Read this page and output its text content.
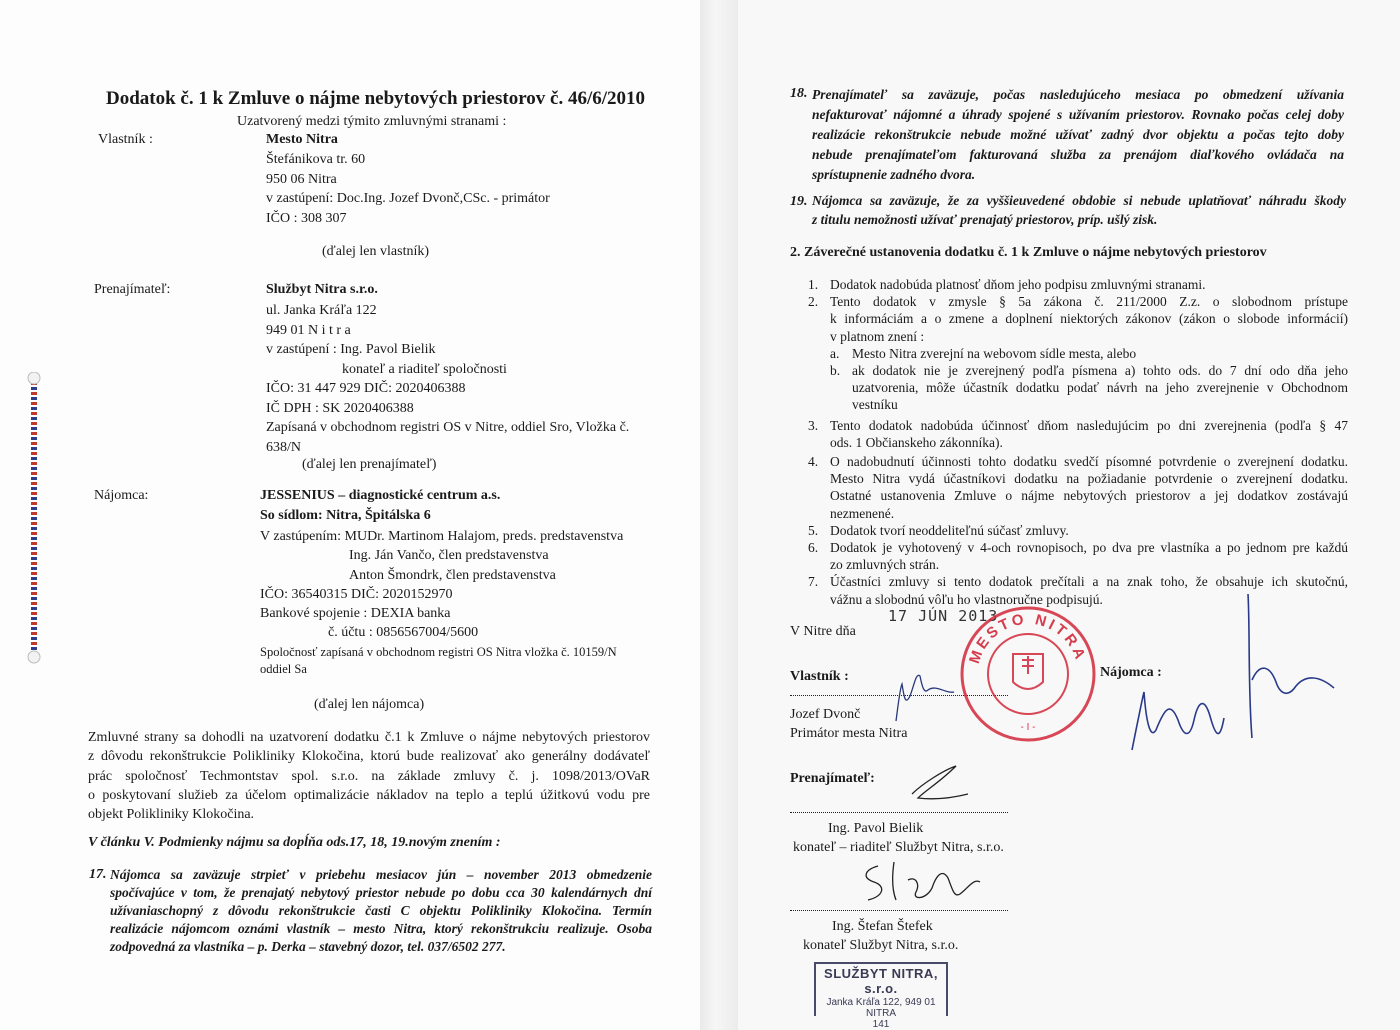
Dodatok č. 1 k Zmluve o nájme nebytových priestorov č. 46/6/2010
Uzatvorený medzi týmito zmluvnými stranami :
Vlastník :	Mesto Nitra
Štefánikova tr. 60
950 06 Nitra
v zastúpení: Doc.Ing. Jozef Dvonč,CSc. - primátor
IČO : 308 307
(ďalej len vlastník)
Prenajímateľ:	Službyt Nitra s.r.o.
ul. Janka Kráľa 122
949 01 N i t r a
v zastúpení : Ing. Pavol Bielik
konateľ a riaditeľ spoločnosti
IČO: 31 447 929 DIČ: 2020406388
IČ DPH : SK 2020406388
Zapísaná v obchodnom registri OS v Nitre, oddiel Sro, Vložka č.
638/N
(ďalej len prenajímateľ)
Nájomca:	JESSENIUS – diagnostické centrum a.s.
So sídlom: Nitra, Špitálska 6
V zastúpením: MUDr. Martinom Halajom, preds. predstavenstva
Ing. Ján Vančo, člen predstavenstva
Anton Šmondrk, člen predstavenstva
IČO: 36540315 DIČ: 2020152970
Bankové spojenie : DEXIA banka
č. účtu : 0856567004/5600
Spoločnosť zapísaná v obchodnom registri OS Nitra vložka č. 10159/N
oddiel Sa
(ďalej len nájomca)
Zmluvné strany sa dohodli na uzatvorení dodatku č.1 k Zmluve o nájme nebytových priestorov
z dôvodu rekonštrukcie Polikliniky Klokočina, ktorú bude realizovať ako generálny dodávateľ
prác spoločnosť Techmontstav spol. s.r.o. na základe zmluvy č. j. 1098/2013/OVaR
o poskytovaní služieb za účelom optimalizácie nákladov na teplo a teplú úžitkovú vodu pre
objekt Polikliniky Klokočina.
V článku V. Podmienky nájmu sa dopĺňa ods.17, 18, 19.novým znením :
17. Nájomca sa zaväzuje strpieť v priebehu mesiacov jún – november 2013 obmedzenie
spočívajúce v tom, že prenajatý nebytový priestor nebude po dobu cca 30 kalendárnych dní
užívaniaschopný z dôvodu rekonštrukcie časti C objektu Polikliniky Klokočina. Termín
realizácie nájomcom oznámi vlastník – mesto Nitra, ktorý rekonštrukciu realizuje. Osoba
zodpovedná za vlastníka – p. Derka – stavebný dozor, tel. 037/6502 277.
18. Prenajímateľ sa zaväzuje, počas nasledujúceho mesiaca po obmedzení užívania
nefakturovať nájomné a úhrady spojené s užívaním priestorov. Rovnako počas celej doby
realizácie rekonštrukcie nebude možné užívať zadný dvor objektu a počas tejto doby
nebude prenajímateľom fakturovaná služba za prenájom diaľkového ovládača na
sprístupnenie zadného dvora.
19. Nájomca sa zaväzuje, že za vyššieuvedené obdobie si nebude uplatňovať náhradu škody
z titulu nemožnosti užívať prenajatý priestorov, príp. ušlý zisk.
2. Záverečné ustanovenia dodatku č. 1 k Zmluve o nájme nebytových priestorov
1. Dodatok nadobúda platnosť dňom jeho podpisu zmluvnými stranami.
2. Tento dodatok v zmysle § 5a zákona č. 211/2000 Z.z. o slobodnom prístupe
k informáciám a o zmene a doplnení niektorých zákonov (zákon o slobode informácií)
v platnom znení :
a. Mesto Nitra zverejní na webovom sídle mesta, alebo
b. ak dodatok nie je zverejnený podľa písmena a) tohto ods. do 7 dní odo dňa jeho
uzatvorenia, môže účastník dodatku podať návrh na jeho zverejnenie v Obchodnom
vestníku
3. Tento dodatok nadobúda účinnosť dňom nasledujúcim po dni zverejnenia (podľa § 47
ods. 1 Občianskeho zákonníka).
4. O nadobudnutí účinnosti tohto dodatku svedčí písomné potvrdenie o zverejnení dodatku.
Mesto Nitra vydá účastníkovi dodatku na požiadanie potvrdenie o zverejnení dodatku.
Ostatné ustanovenia Zmluve o nájme nebytových priestorov a jej dodatkov zostávajú
nezmenené.
5. Dodatok tvorí neoddeliteľnú súčasť zmluvy.
6. Dodatok je vyhotovený v 4-och rovnopisoch, po dva pre vlastníka a po jednom pre každú
zo zmluvných strán.
7. Účastníci zmluvy si tento dodatok prečítali a na znak toho, že obsahuje ich skutočnú,
vážnu a slobodnú vôľu ho vlastnoručne podpisujú.
V Nitre dňa
17 JÚN 2013
Vlastník :	Nájomca :
Jozef Dvonč
Primátor mesta Nitra
Prenajímateľ:
Ing. Pavol Bielik
konateľ – riaditeľ Službyt Nitra, s.r.o.
Ing. Štefan Štefek
konateľ Službyt Nitra, s.r.o.
MESTO NITRA
- I -
SLUŽBYT NITRA, s.r.o.
Janka Kráľa 122, 949 01 NITRA
141
